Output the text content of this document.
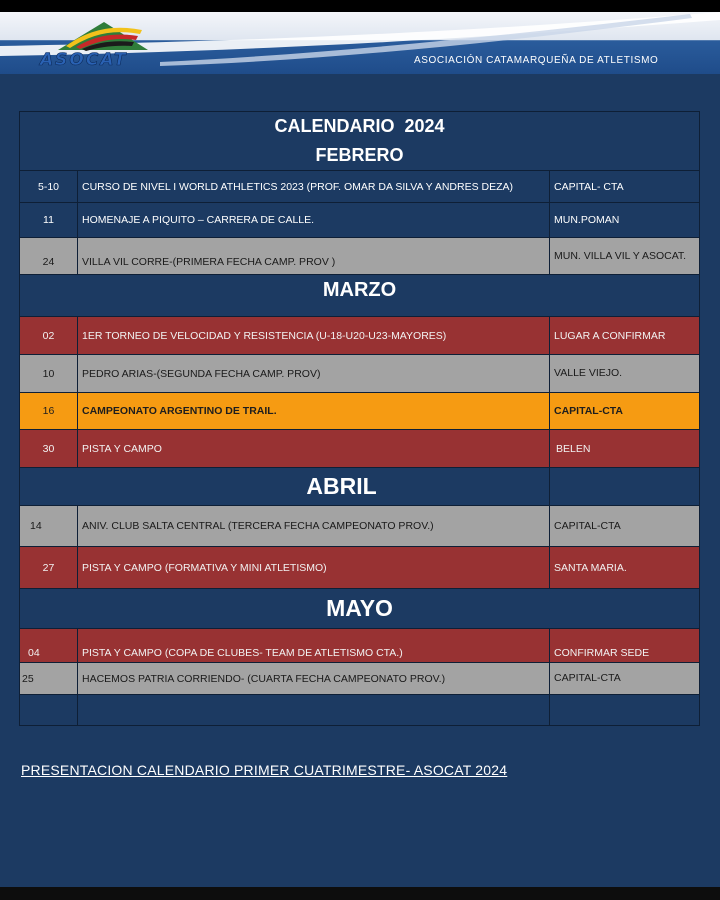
ASOCAT	ASOCIACIÓN CATAMARQUEÑA DE ATLETISMO
CALENDARIO  2024
FEBRERO		

5-10	CURSO DE NIVEL I WORLD ATHLETICS 2023 (PROF. OMAR DA SILVA Y ANDRES DEZA)	CAPITAL- CTA
11	HOMENAJE A PIQUITO – CARRERA DE CALLE.	MUN.POMAN
24	VILLA VIL CORRE-(PRIMERA FECHA CAMP. PROV )	MUN. VILLA VIL Y ASOCAT.
MARZO		
02	1ER TORNEO DE VELOCIDAD Y RESISTENCIA (U-18-U20-U23-MAYORES)	LUGAR A CONFIRMAR
10	PEDRO ARIAS-(SEGUNDA FECHA CAMP. PROV)	VALLE VIEJO.
16	CAMPEONATO ARGENTINO DE TRAIL.	CAPITAL-CTA
30	PISTA Y CAMPO	BELEN
ABRIL		
14	ANIV. CLUB SALTA CENTRAL (TERCERA FECHA CAMPEONATO PROV.)	CAPITAL-CTA
27	PISTA Y CAMPO (FORMATIVA Y MINI ATLETISMO)	SANTA MARIA.
MAYO		
04	PISTA Y CAMPO (COPA DE CLUBES- TEAM DE ATLETISMO CTA.)	CONFIRMAR SEDE
25	HACEMOS PATRIA CORRIENDO- (CUARTA FECHA CAMPEONATO PROV.)	CAPITAL-CTA

PRESENTACION CALENDARIO PRIMER CUATRIMESTRE- ASOCAT 2024
